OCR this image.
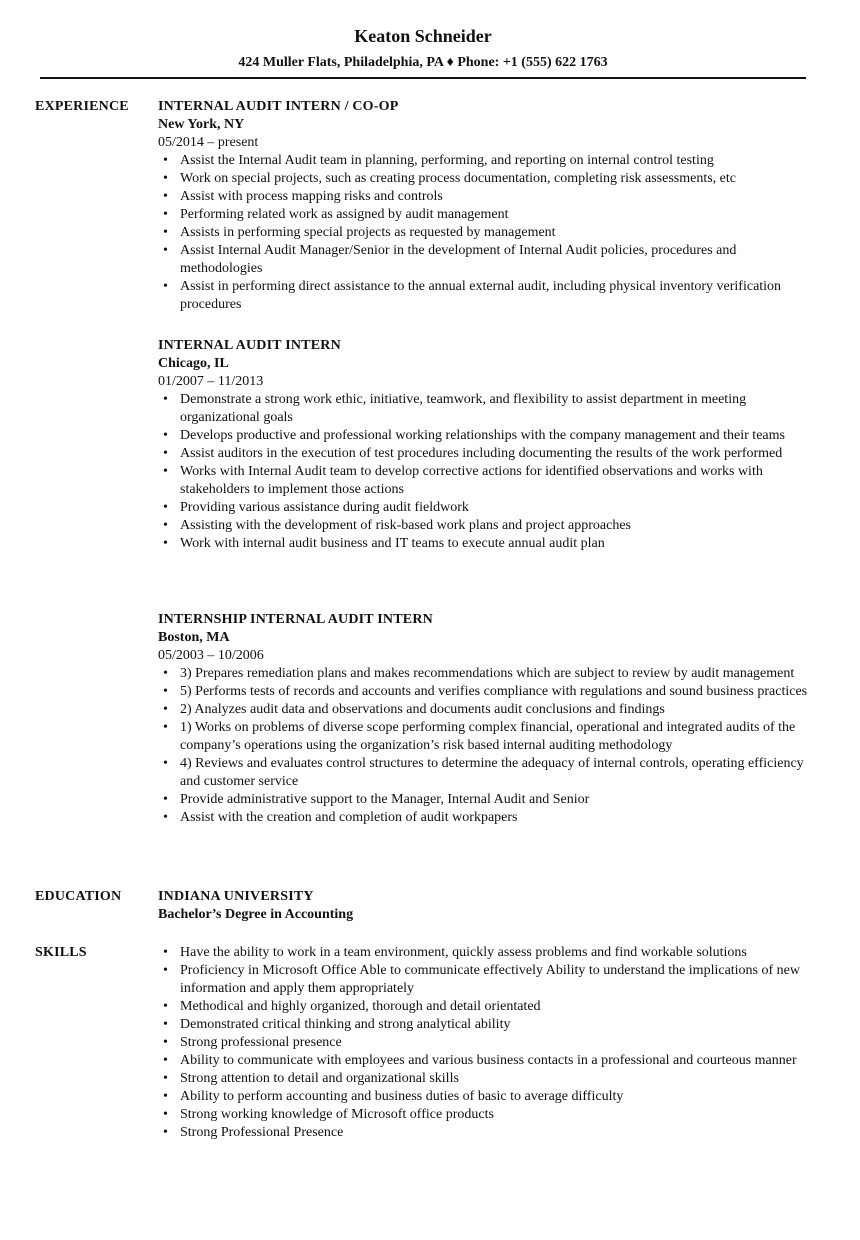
Keaton Schneider
424 Muller Flats, Philadelphia, PA ♦ Phone: +1 (555) 622 1763
EXPERIENCE INTERNAL AUDIT INTERN / CO-OP
New York, NY
05/2014 – present
• Assist the Internal Audit team in planning, performing, and reporting on internal control testing
• Work on special projects, such as creating process documentation, completing risk assessments, etc
• Assist with process mapping risks and controls
• Performing related work as assigned by audit management
• Assists in performing special projects as requested by management
• Assist Internal Audit Manager/Senior in the development of Internal Audit policies, procedures and methodologies
• Assist in performing direct assistance to the annual external audit, including physical inventory verification procedures
INTERNAL AUDIT INTERN
Chicago, IL
01/2007 – 11/2013
• Demonstrate a strong work ethic, initiative, teamwork, and flexibility to assist department in meeting organizational goals
• Develops productive and professional working relationships with the company management and their teams
• Assist auditors in the execution of test procedures including documenting the results of the work performed
• Works with Internal Audit team to develop corrective actions for identified observations and works with stakeholders to implement those actions
• Providing various assistance during audit fieldwork
• Assisting with the development of risk-based work plans and project approaches
• Work with internal audit business and IT teams to execute annual audit plan
INTERNSHIP INTERNAL AUDIT INTERN
Boston, MA
05/2003 – 10/2006
• 3) Prepares remediation plans and makes recommendations which are subject to review by audit management
• 5) Performs tests of records and accounts and verifies compliance with regulations and sound business practices
• 2) Analyzes audit data and observations and documents audit conclusions and findings
• 1) Works on problems of diverse scope performing complex financial, operational and integrated audits of the company’s operations using the organization’s risk based internal auditing methodology
• 4) Reviews and evaluates control structures to determine the adequacy of internal controls, operating efficiency and customer service
• Provide administrative support to the Manager, Internal Audit and Senior
• Assist with the creation and completion of audit workpapers
EDUCATION	INDIANA UNIVERSITY
Bachelor’s Degree in Accounting
SKILLS	• Have the ability to work in a team environment, quickly assess problems and find workable solutions
• Proficiency in Microsoft Office Able to communicate effectively Ability to understand the implications of new information and apply them appropriately
• Methodical and highly organized, thorough and detail orientated
• Demonstrated critical thinking and strong analytical ability
• Strong professional presence
• Ability to communicate with employees and various business contacts in a professional and courteous manner
• Strong attention to detail and organizational skills
• Ability to perform accounting and business duties of basic to average difficulty
• Strong working knowledge of Microsoft office products
• Strong Professional Presence
